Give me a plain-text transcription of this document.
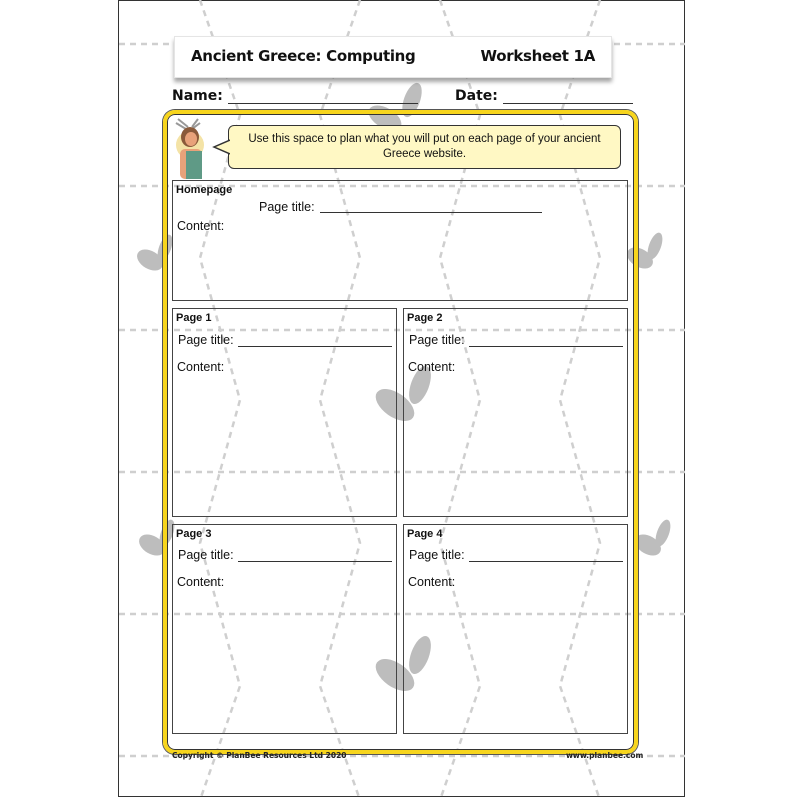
Ancient Greece: Computing	Worksheet 1A
Name:	Date:
Use this space to plan what you will put on each page of your ancient
Greece website.
Homepage
Page title:
Content:
Page 1
Page title:
Content:
Page 2
Page title:
Content:
Page 3
Page title:
Content:
Page 4
Page title:
Content:
Copyright © PlanBee Resources Ltd 2020	www.planbee.com
